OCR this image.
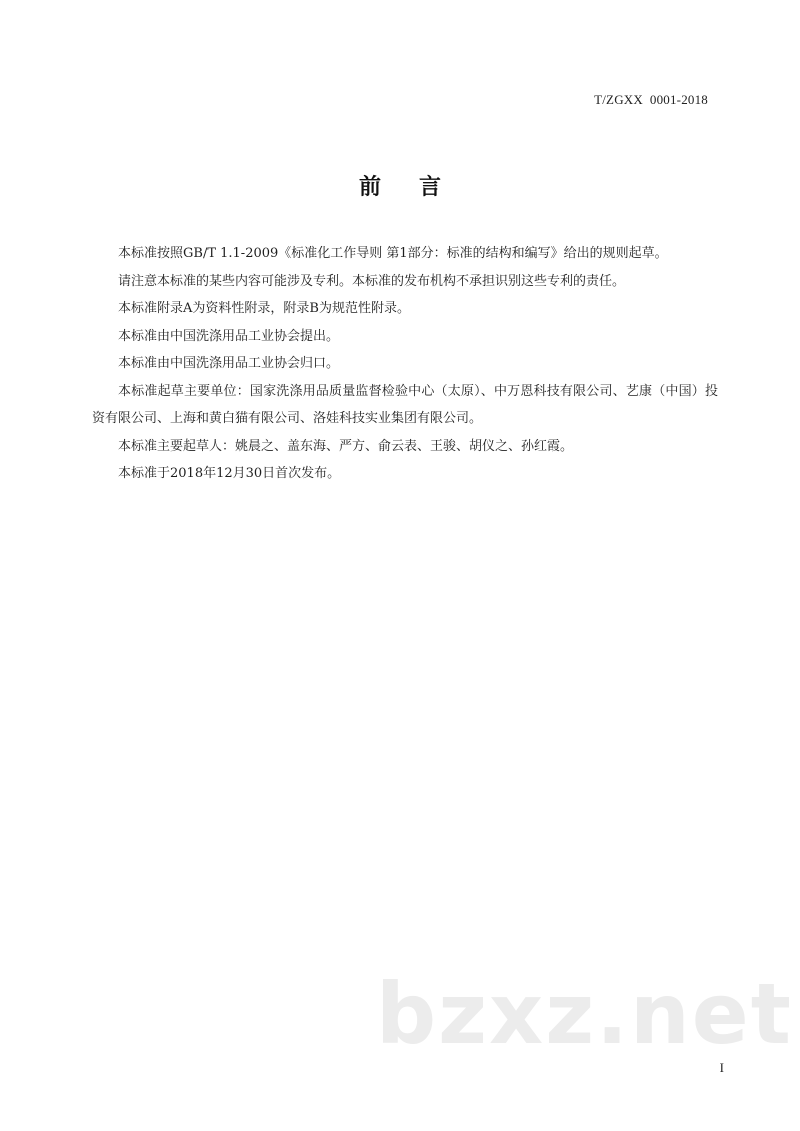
T/ZGXX  0001-2018
前言

本标准按照GB/T 1.1-2009《标准化工作导则 第1部分：标准的结构和编写》给出的规则起草。

请注意本标准的某些内容可能涉及专利。本标准的发布机构不承担识别这些专利的责任。

本标准附录A为资料性附录，附录B为规范性附录。

本标准由中国洗涤用品工业协会提出。

本标准由中国洗涤用品工业协会归口。

本标准起草主要单位：国家洗涤用品质量监督检验中心（太原）、中万恩科技有限公司、艺康（中国）投资有限公司、上海和黄白猫有限公司、洛娃科技实业集团有限公司。

本标准主要起草人：姚晨之、盖东海、严方、俞云表、王骏、胡仪之、孙红霞。

本标准于2018年12月30日首次发布。

bzxz.net
I
